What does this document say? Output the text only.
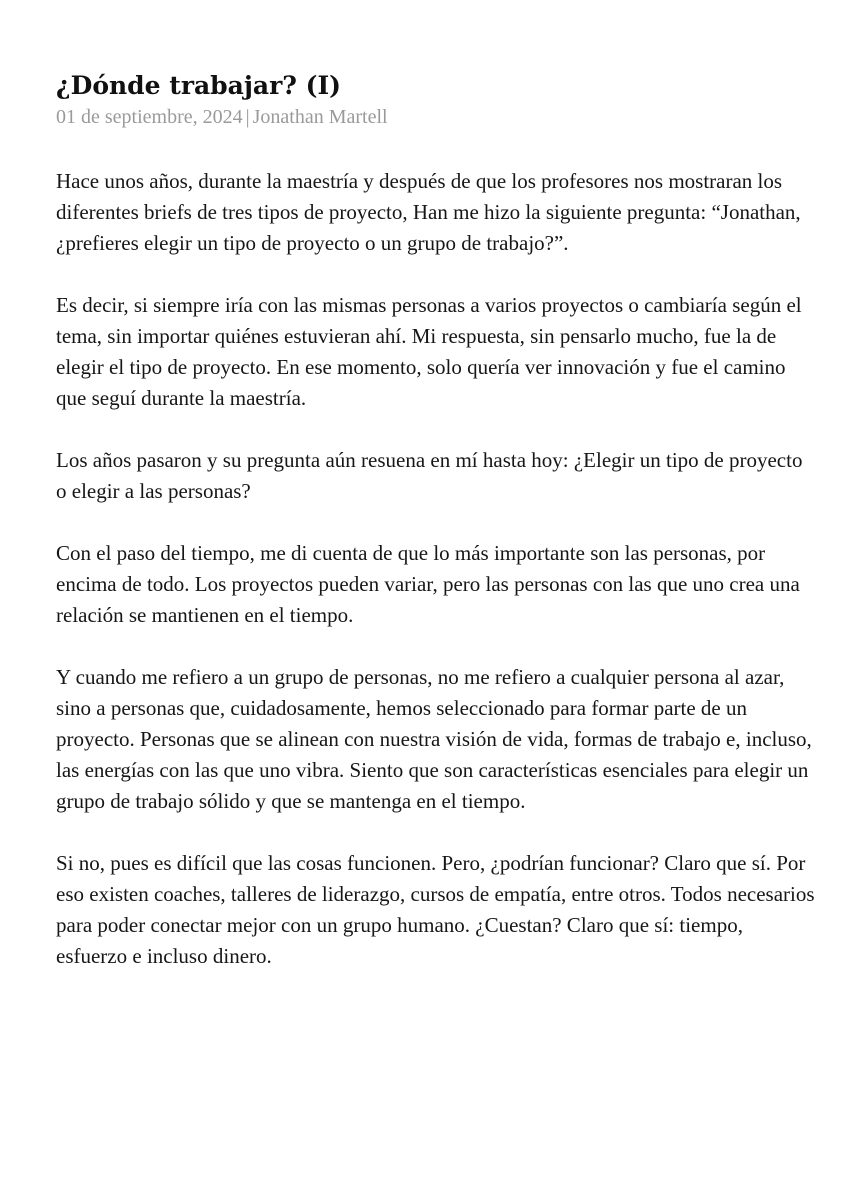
¿Dónde trabajar? (I)
01 de septiembre, 2024 | Jonathan Martell

Hace unos años, durante la maestría y después de que los profesores nos mostraran los diferentes briefs de tres tipos de proyecto, Han me hizo la siguiente pregunta: “Jonathan, ¿prefieres elegir un tipo de proyecto o un grupo de trabajo?”.

Es decir, si siempre iría con las mismas personas a varios proyectos o cambiaría según el tema, sin importar quiénes estuvieran ahí. Mi respuesta, sin pensarlo mucho, fue la de elegir el tipo de proyecto. En ese momento, solo quería ver innovación y fue el camino que seguí durante la maestría.

Los años pasaron y su pregunta aún resuena en mí hasta hoy: ¿Elegir un tipo de proyecto o elegir a las personas?

Con el paso del tiempo, me di cuenta de que lo más importante son las personas, por encima de todo. Los proyectos pueden variar, pero las personas con las que uno crea una relación se mantienen en el tiempo.

Y cuando me refiero a un grupo de personas, no me refiero a cualquier persona al azar, sino a personas que, cuidadosamente, hemos seleccionado para formar parte de un proyecto. Personas que se alinean con nuestra visión de vida, formas de trabajo e, incluso, las energías con las que uno vibra. Siento que son características esenciales para elegir un grupo de trabajo sólido y que se mantenga en el tiempo.

Si no, pues es difícil que las cosas funcionen. Pero, ¿podrían funcionar? Claro que sí. Por eso existen coaches, talleres de liderazgo, cursos de empatía, entre otros. Todos necesarios para poder conectar mejor con un grupo humano. ¿Cuestan? Claro que sí: tiempo, esfuerzo e incluso dinero.
